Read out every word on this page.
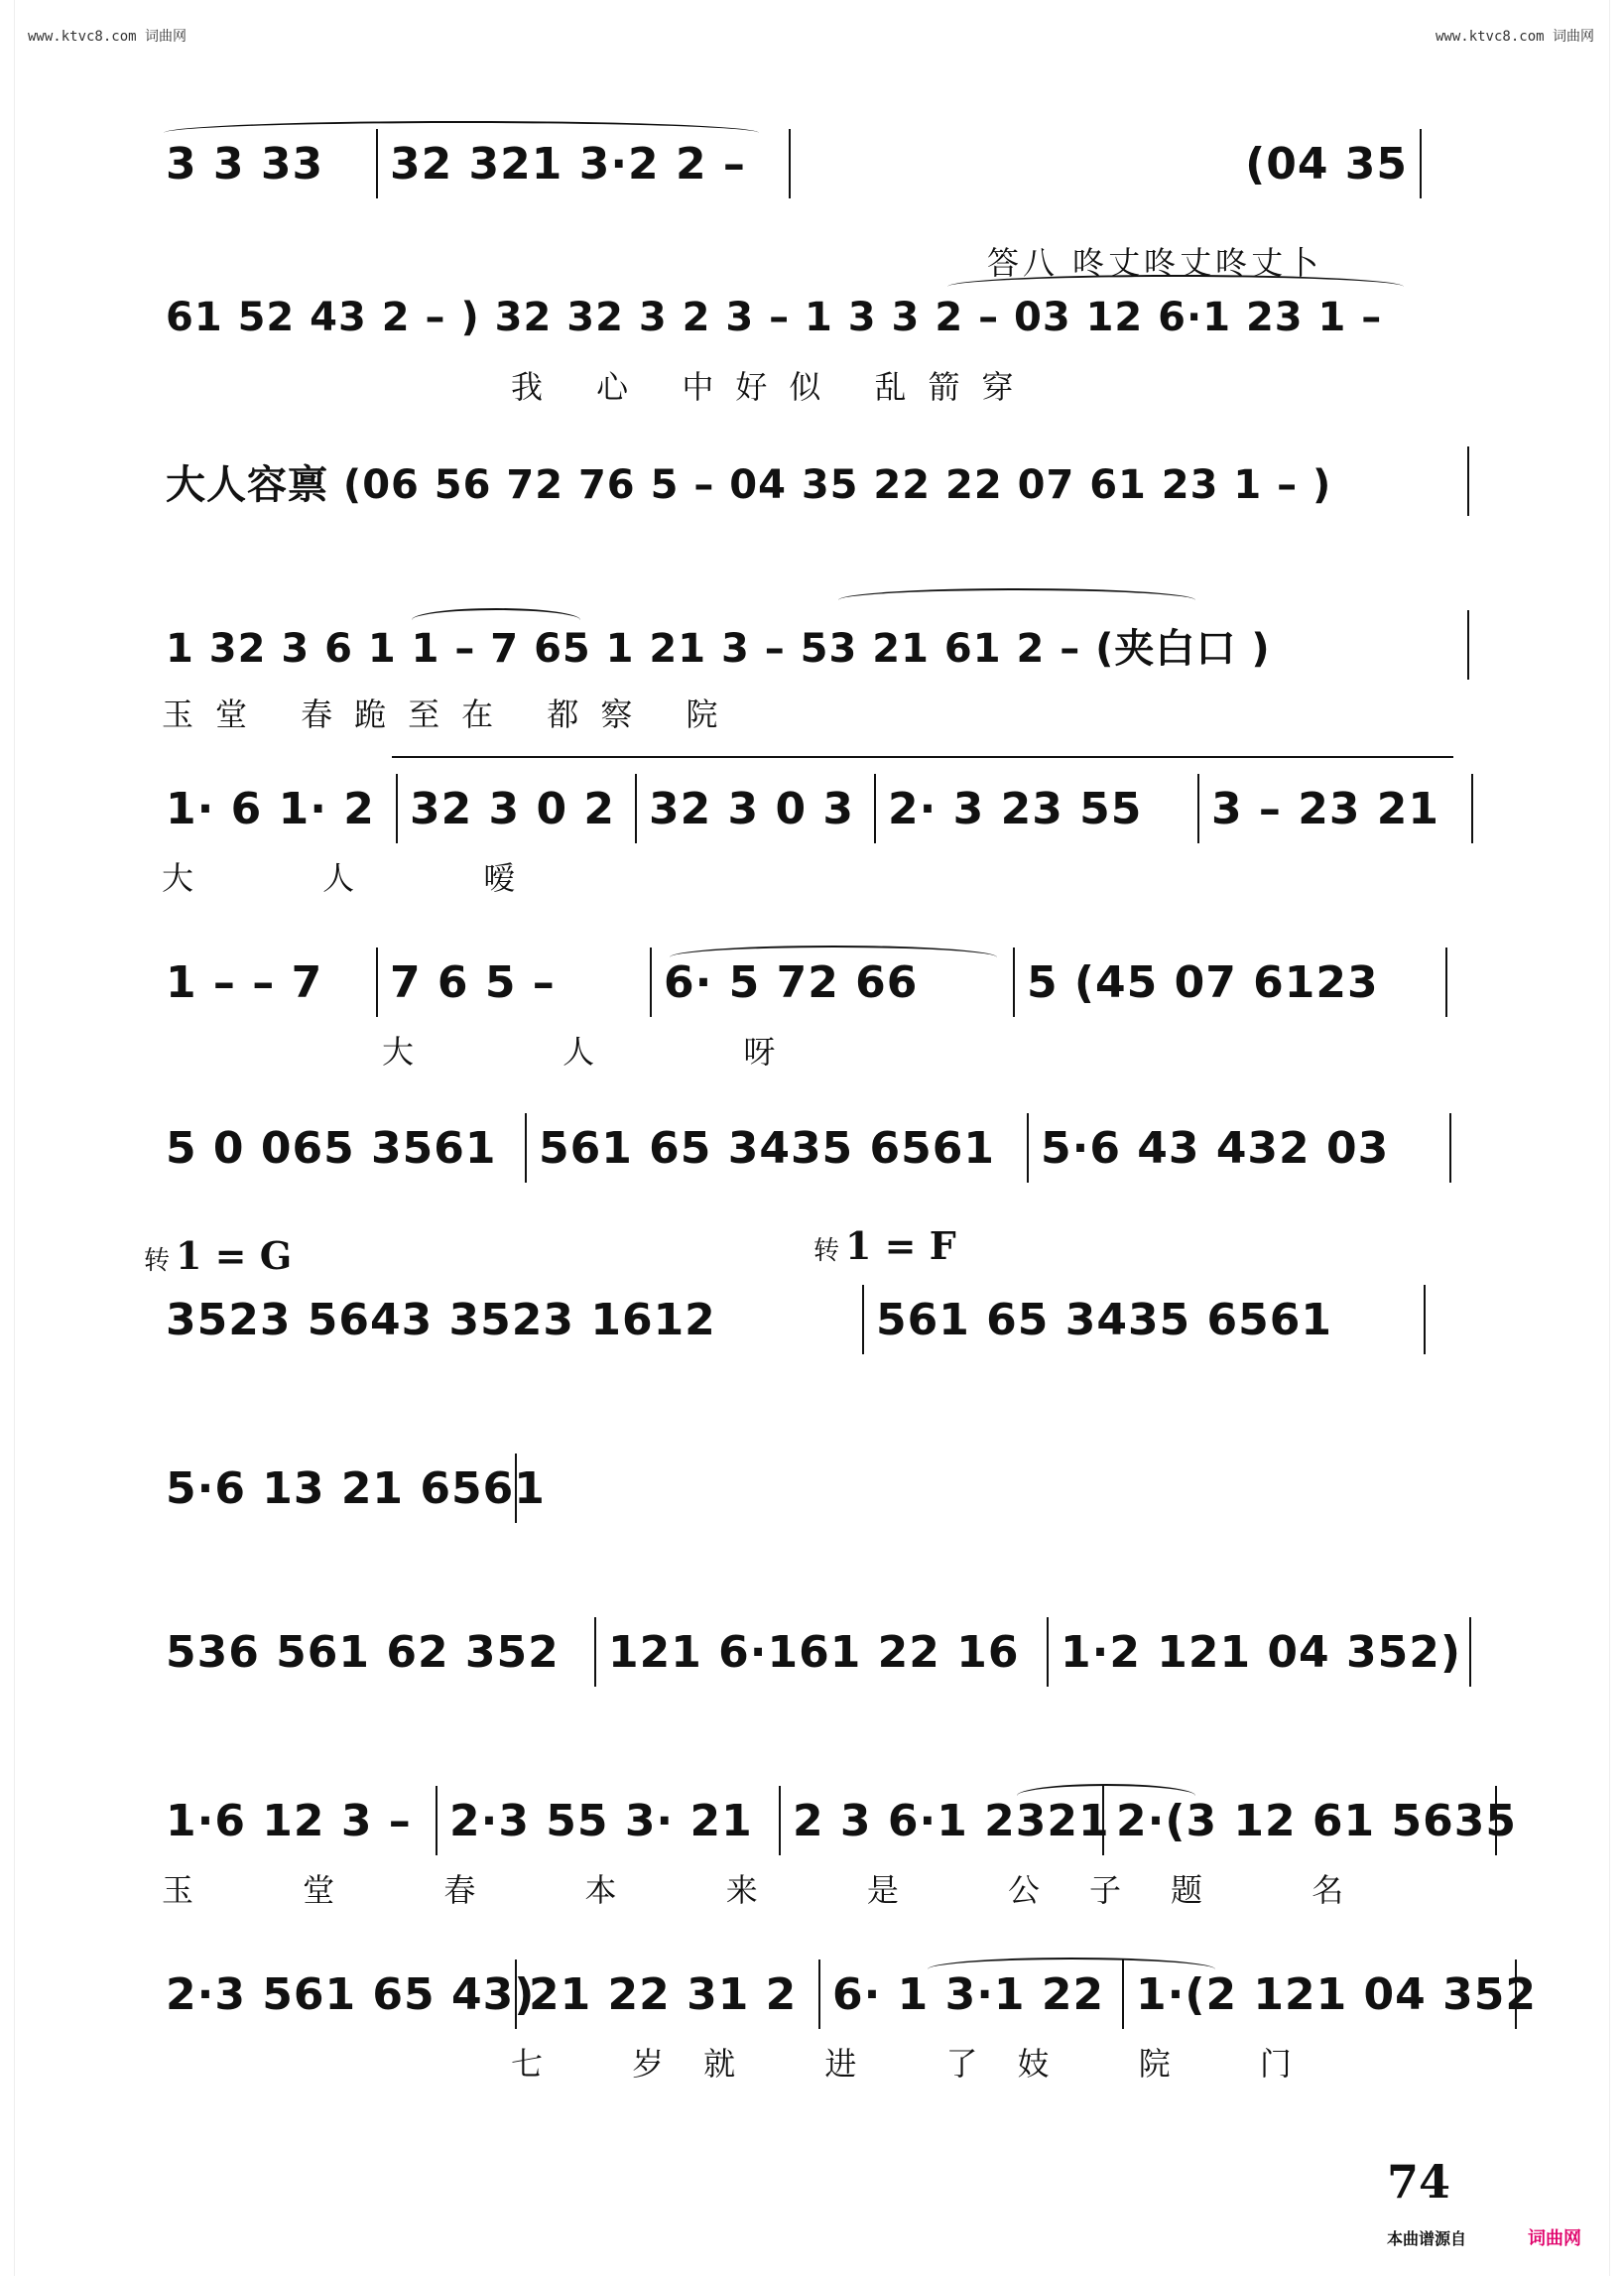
www.ktvc8.com 词曲网	www.ktvc8.com 词曲网
3 3 33	32 321 3·2 2 –	(04 35
答八 咚丈咚丈咚丈卜
61 52 43 2 – ) 32 32 3 2 3 – 1 3 3 2 – 03 12 6·1 23 1 –
我 心 中好似 乱箭穿
大人容禀 (06 56 72 76 5 – 04 35 22 22 07 61 23 1 – )
1 32 3 6 1 1 – 7 65 1 21 3 – 53 21 61 2 – (夹白口 )
玉堂 春跪至在 都察 院
1· 6 1· 2 32 3 0 2 32 3 0 3 2· 3 23 55	3 – 23 21
大 人 嗳
1 – – 7	7 6 5 –	6· 5 72 66	5 (45 07 6123
大 人 呀
5 0 065 3561 561 65 3435 6561	5·6 43 432 03
转 1 = G	转 1 = F
3523 5643 3523 1612	561 65 3435 6561
5·6 13 21 6561
536 561 62 352	121 6·161 22 16 1·2 121 04 352)
1·6 12 3 – 2·3 55 3· 21 2 3 6·1 2321 2·(3 12 61 5635
玉 堂 春 本 来 是 公子题 名
2·3 561 65 43)
21 22 31 2 6· 1 3·1 22 1·(2 121 04 352
七 岁就 进 了妓 院 门
74
本曲谱源自	词曲网
